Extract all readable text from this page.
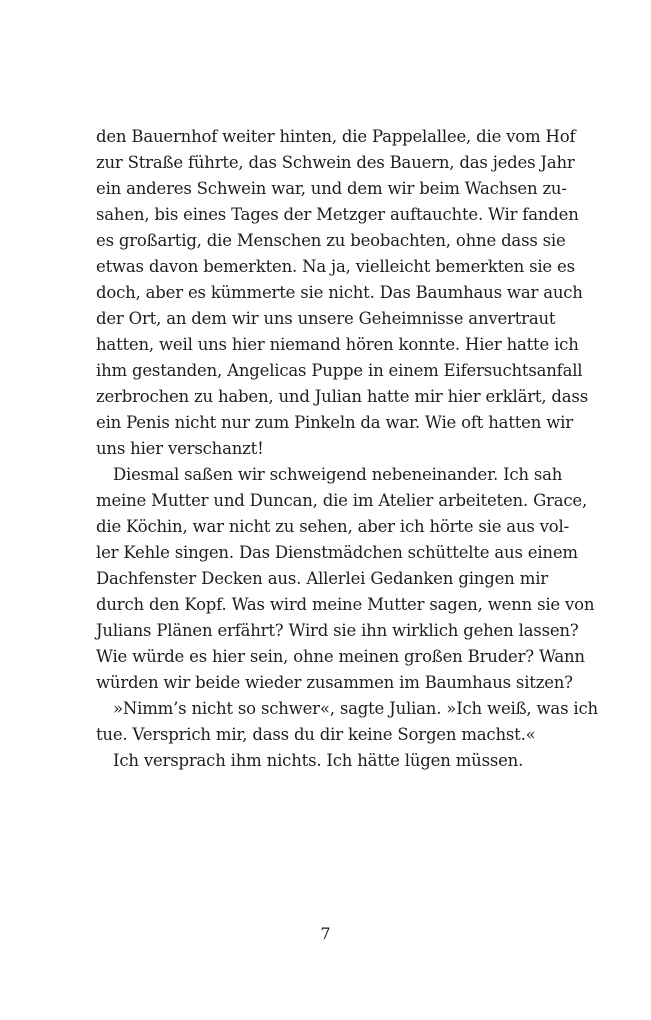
den Bauernhof weiter hinten, die Pappelallee, die vom Hof
zur Straße führte, das Schwein des Bauern, das jedes Jahr
ein anderes Schwein war, und dem wir beim Wachsen zu-
sahen, bis eines Tages der Metzger auftauchte. Wir fanden
es großartig, die Menschen zu beobachten, ohne dass sie
etwas davon bemerkten. Na ja, vielleicht bemerkten sie es
doch, aber es kümmerte sie nicht. Das Baumhaus war auch
der Ort, an dem wir uns unsere Geheimnisse anvertraut
hatten, weil uns hier niemand hören konnte. Hier hatte ich
ihm gestanden, Angelicas Puppe in einem Eifersuchtsanfall
zerbrochen zu haben, und Julian hatte mir hier erklärt, dass
ein Penis nicht nur zum Pinkeln da war. Wie oft hatten wir
uns hier verschanzt!
Diesmal saßen wir schweigend nebeneinander. Ich sah
meine Mutter und Duncan, die im Atelier arbeiteten. Grace,
die Köchin, war nicht zu sehen, aber ich hörte sie aus vol-
ler Kehle singen. Das Dienstmädchen schüttelte aus einem
Dachfenster Decken aus. Allerlei Gedanken gingen mir
durch den Kopf. Was wird meine Mutter sagen, wenn sie von
Julians Plänen erfährt? Wird sie ihn wirklich gehen lassen?
Wie würde es hier sein, ohne meinen großen Bruder? Wann
würden wir beide wieder zusammen im Baumhaus sitzen?
»Nimm’s nicht so schwer«, sagte Julian. »Ich weiß, was ich
tue. Versprich mir, dass du dir keine Sorgen machst.«
Ich versprach ihm nichts. Ich hätte lügen müssen.
7
